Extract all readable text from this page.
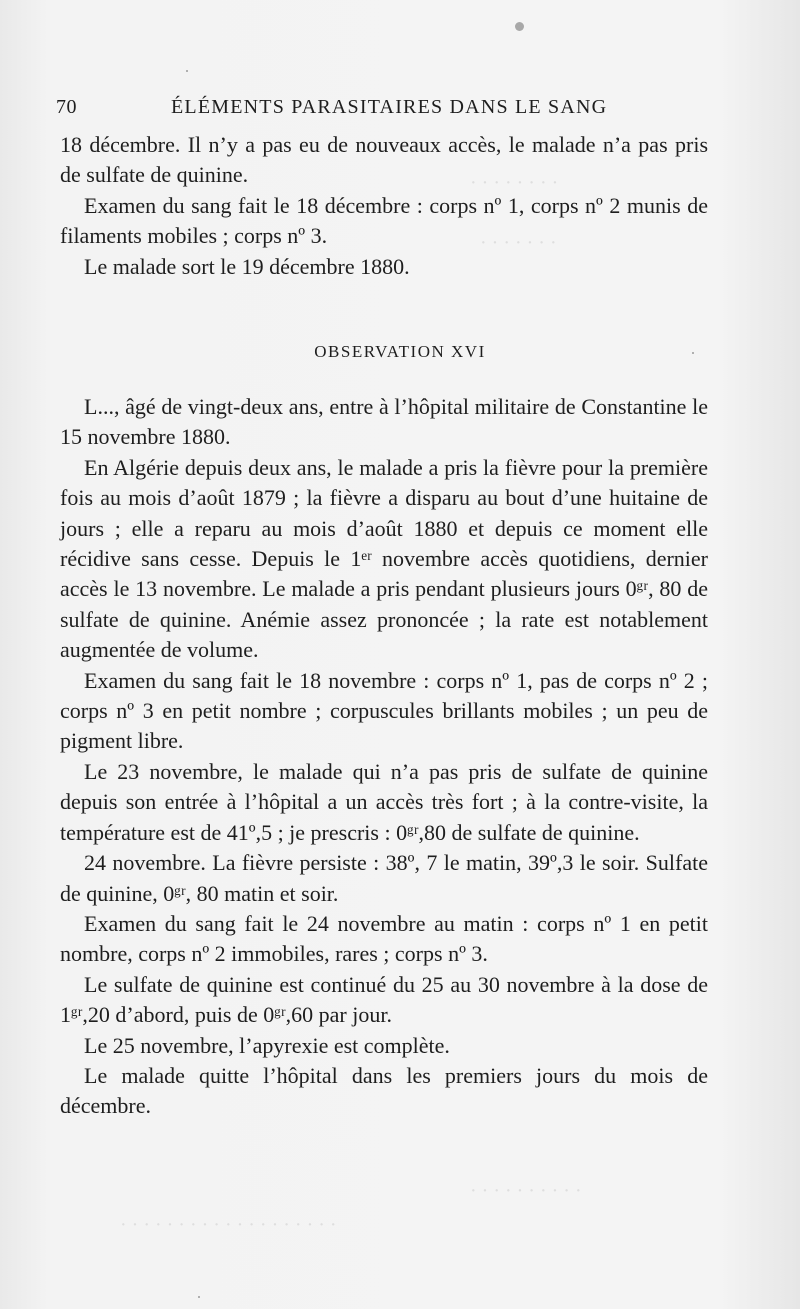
· · · · · · · ·
· · · · · · ·
· · · · · · · · · ·
· · · · · · · · · · · · · · · · · · ·
70	ÉLÉMENTS PARASITAIRES DANS LE SANG

18 décembre. Il n’y a pas eu de nouveaux accès, le malade n’a pas pris de sulfate de quinine.

Examen du sang fait le 18 décembre : corps nº 1, corps nº 2 munis de filaments mobiles ; corps nº 3.

Le malade sort le 19 décembre 1880.

OBSERVATION XVI

L..., âgé de vingt-deux ans, entre à l’hôpital militaire de Constantine le 15 novembre 1880.

En Algérie depuis deux ans, le malade a pris la fièvre pour la première fois au mois d’août 1879 ; la fièvre a disparu au bout d’une huitaine de jours ; elle a reparu au mois d’août 1880 et depuis ce moment elle récidive sans cesse. Depuis le 1ᵉʳ novembre accès quotidiens, dernier accès le 13 novembre. Le malade a pris pendant plusieurs jours 0ᵍʳ, 80 de sulfate de quinine. Anémie assez prononcée ; la rate est notablement augmentée de volume.

Examen du sang fait le 18 novembre : corps nº 1, pas de corps nº 2 ; corps nº 3 en petit nombre ; corpuscules brillants mobiles ; un peu de pigment libre.

Le 23 novembre, le malade qui n’a pas pris de sulfate de quinine depuis son entrée à l’hôpital a un accès très fort ; à la contre-visite, la température est de 41º,5 ; je prescris : 0ᵍʳ,80 de sulfate de quinine.

24 novembre. La fièvre persiste : 38º, 7 le matin, 39º,3 le soir. Sulfate de quinine, 0ᵍʳ, 80 matin et soir.

Examen du sang fait le 24 novembre au matin : corps nº 1 en petit nombre, corps nº 2 immobiles, rares ; corps nº 3.

Le sulfate de quinine est continué du 25 au 30 novembre à la dose de 1ᵍʳ,20 d’abord, puis de 0ᵍʳ,60 par jour.

Le 25 novembre, l’apyrexie est complète.

Le malade quitte l’hôpital dans les premiers jours du mois de décembre.
